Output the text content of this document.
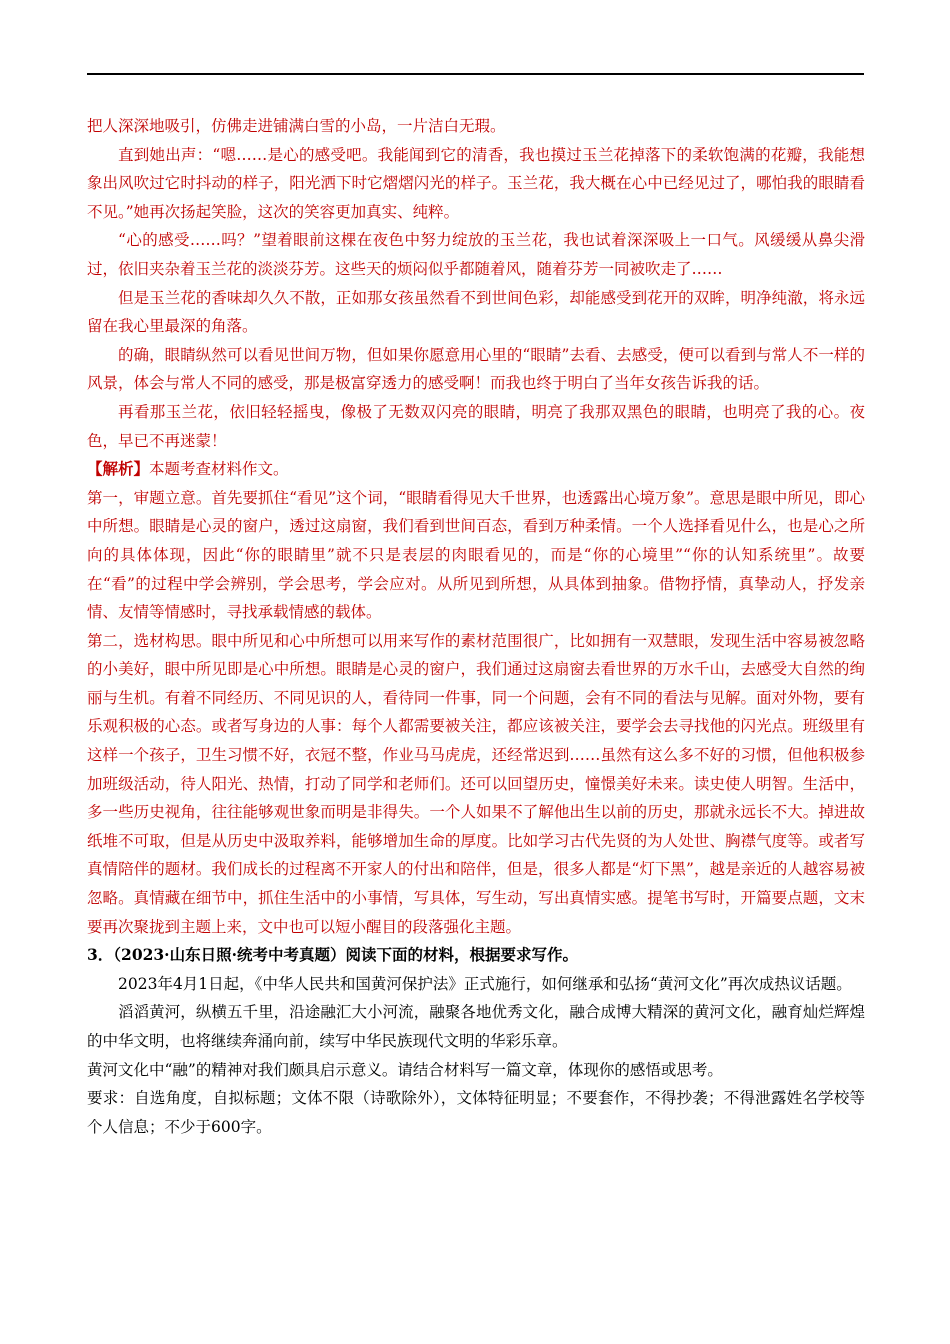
把人深深地吸引，仿佛走进铺满白雪的小岛，一片洁白无瑕。

直到她出声：“嗯……是心的感受吧。我能闻到它的清香，我也摸过玉兰花掉落下的柔软饱满的花瓣，我能想象出风吹过它时抖动的样子，阳光洒下时它熠熠闪光的样子。玉兰花，我大概在心中已经见过了，哪怕我的眼睛看不见。”她再次扬起笑脸，这次的笑容更加真实、纯粹。

“心的感受……吗？”望着眼前这棵在夜色中努力绽放的玉兰花，我也试着深深吸上一口气。风缓缓从鼻尖滑过，依旧夹杂着玉兰花的淡淡芬芳。这些天的烦闷似乎都随着风，随着芬芳一同被吹走了……

但是玉兰花的香味却久久不散，正如那女孩虽然看不到世间色彩，却能感受到花开的双眸，明净纯澈，将永远留在我心里最深的角落。

的确，眼睛纵然可以看见世间万物，但如果你愿意用心里的“眼睛”去看、去感受，便可以看到与常人不一样的风景，体会与常人不同的感受，那是极富穿透力的感受啊！而我也终于明白了当年女孩告诉我的话。

再看那玉兰花，依旧轻轻摇曳，像极了无数双闪亮的眼睛，明亮了我那双黑色的眼睛，也明亮了我的心。夜色，早已不再迷蒙！

【解析】本题考查材料作文。

第一，审题立意。首先要抓住“看见”这个词，“眼睛看得见大千世界，也透露出心境万象”。意思是眼中所见，即心中所想。眼睛是心灵的窗户，透过这扇窗，我们看到世间百态，看到万种柔情。一个人选择看见什么，也是心之所向的具体体现，因此“你的眼睛里”就不只是表层的肉眼看见的，而是“你的心境里”“你的认知系统里”。故要在“看”的过程中学会辨别，学会思考，学会应对。从所见到所想，从具体到抽象。借物抒情，真挚动人，抒发亲情、友情等情感时，寻找承载情感的载体。

第二，选材构思。眼中所见和心中所想可以用来写作的素材范围很广，比如拥有一双慧眼，发现生活中容易被忽略的小美好，眼中所见即是心中所想。眼睛是心灵的窗户，我们通过这扇窗去看世界的万水千山，去感受大自然的绚丽与生机。有着不同经历、不同见识的人，看待同一件事，同一个问题，会有不同的看法与见解。面对外物，要有乐观积极的心态。或者写身边的人事：每个人都需要被关注，都应该被关注，要学会去寻找他的闪光点。班级里有这样一个孩子，卫生习惯不好，衣冠不整，作业马马虎虎，还经常迟到……虽然有这么多不好的习惯，但他积极参加班级活动，待人阳光、热情，打动了同学和老师们。还可以回望历史，憧憬美好未来。读史使人明智。生活中，多一些历史视角，往往能够观世象而明是非得失。一个人如果不了解他出生以前的历史，那就永远长不大。掉进故纸堆不可取，但是从历史中汲取养料，能够增加生命的厚度。比如学习古代先贤的为人处世、胸襟气度等。或者写真情陪伴的题材。我们成长的过程离不开家人的付出和陪伴，但是，很多人都是“灯下黑”，越是亲近的人越容易被忽略。真情藏在细节中，抓住生活中的小事情，写具体，写生动，写出真情实感。提笔书写时，开篇要点题，文末要再次聚拢到主题上来，文中也可以短小醒目的段落强化主题。

3．（2023·山东日照·统考中考真题）阅读下面的材料，根据要求写作。

2023年4月1日起，《中华人民共和国黄河保护法》正式施行，如何继承和弘扬“黄河文化”再次成热议话题。

滔滔黄河，纵横五千里，沿途融汇大小河流，融聚各地优秀文化，融合成博大精深的黄河文化，融育灿烂辉煌的中华文明，也将继续奔涌向前，续写中华民族现代文明的华彩乐章。

黄河文化中“融”的精神对我们颇具启示意义。请结合材料写一篇文章，体现你的感悟或思考。

要求：自选角度，自拟标题；文体不限（诗歌除外），文体特征明显；不要套作，不得抄袭；不得泄露姓名学校等个人信息；不少于600字。
